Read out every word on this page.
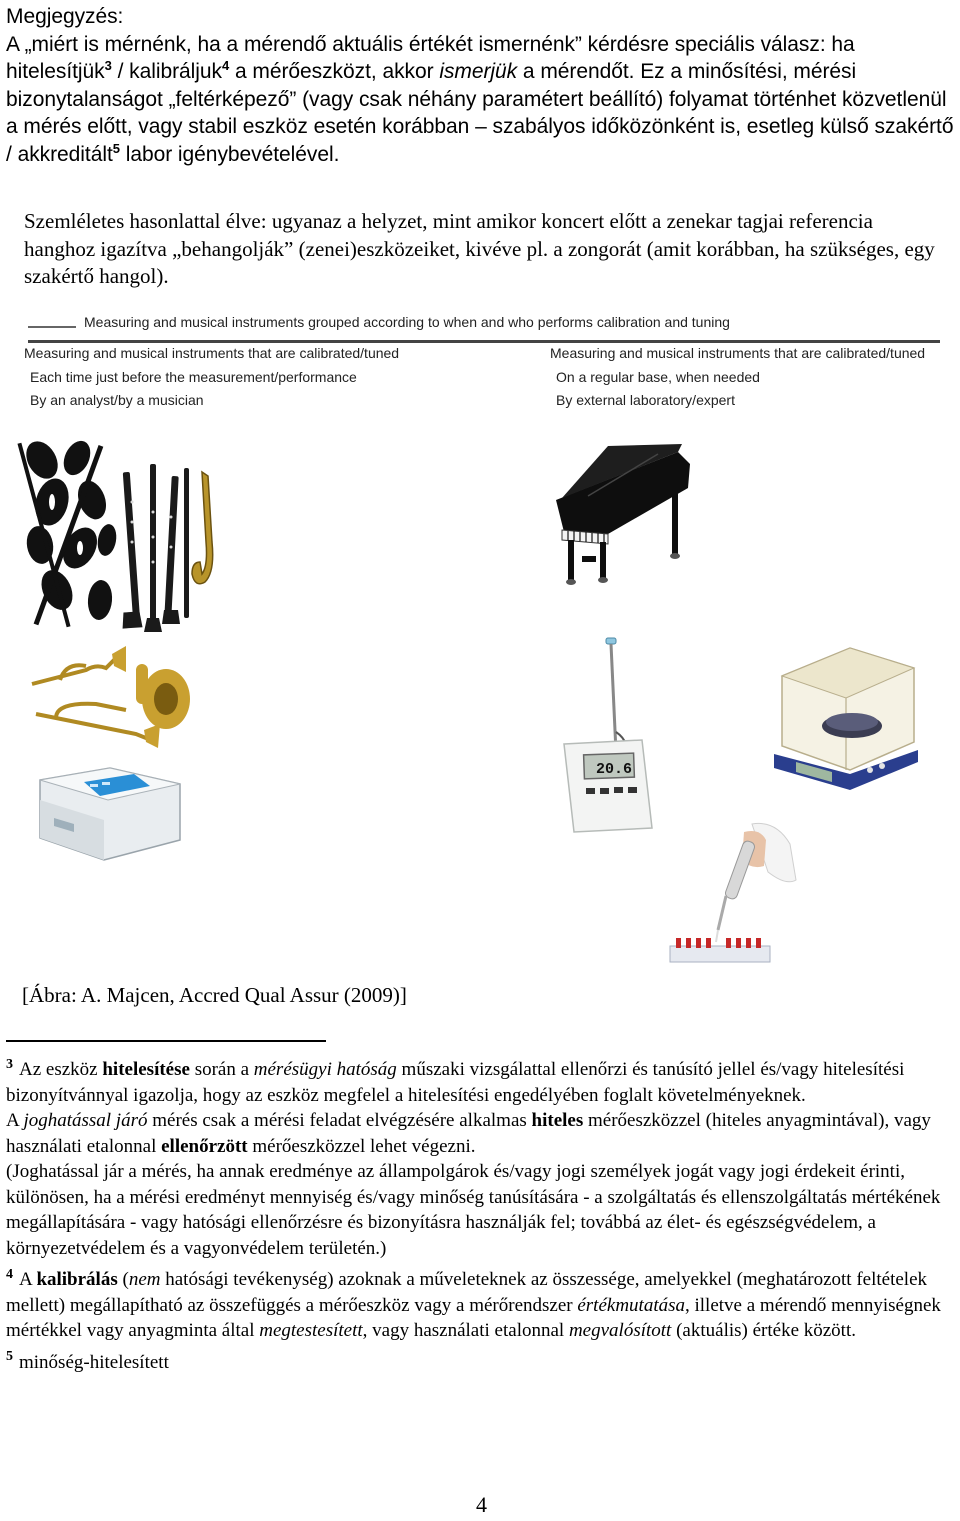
Megjegyzés:

A „miért is mérnénk, ha a mérendő aktuális értékét ismernénk” kérdésre speciális válasz: ha hitelesítjük$^3$ / kalibráljuk$^4$ a mérőeszközt, akkor ismerjük a mérendőt. Ez a minősítési, mérési bizonytalanságot „feltérképező” (vagy csak néhány paramétert beállító) folyamat történhet közvetlenül a mérés előtt, vagy stabil eszköz esetén korábban – szabályos időközönként is, esetleg külső szakértő / akkreditált$^5$ labor igénybevételével.

Szemléletes hasonlattal élve: ugyanaz a helyzet, mint amikor koncert előtt a zenekar tagjai referencia hanghoz igazítva „behangolják” (zenei)eszközeiket, kivéve pl. a zongorát (amit korábban, ha szükséges, egy szakértő hangol).
Measuring and musical instruments grouped according to when and who performs calibration and tuning
Measuring and musical instruments that are calibrated/tuned
Each time just before the measurement/performance
By an analyst/by a musician
Measuring and musical instruments that are calibrated/tuned
On a regular base, when needed
By external laboratory/expert
20.6
[Ábra: A. Majcen, Accred Qual Assur (2009)]

$^3$ Az eszköz hitelesítése során a mérésügyi hatóság műszaki vizsgálattal ellenőrzi és tanúsító jellel és/vagy hitelesítési bizonyítvánnyal igazolja, hogy az eszköz megfelel a hitelesítési engedélyében foglalt követelményeknek.

A joghatással járó mérés csak a mérési feladat elvégzésére alkalmas hiteles mérőeszközzel (hiteles anyagmintával), vagy használati etalonnal ellenőrzött mérőeszközzel lehet végezni.

(Joghatással jár a mérés, ha annak eredménye az állampolgárok és/vagy jogi személyek jogát vagy jogi érdekeit érinti, különösen, ha a mérési eredményt mennyiség és/vagy minőség tanúsítására - a szolgáltatás és ellenszolgáltatás mértékének megállapítására - vagy hatósági ellenőrzésre és bizonyításra használják fel; továbbá az élet- és egészségvédelem, a környezetvédelem és a vagyonvédelem területén.)

$^4$ A kalibrálás (nem hatósági tevékenység) azoknak a műveleteknek az összessége, amelyekkel (meghatározott feltételek mellett) megállapítható az összefüggés a mérőeszköz vagy a mérőrendszer értékmutatása, illetve a mérendő mennyiségnek mértékkel vagy anyagminta által megtestesített, vagy használati etalonnal megvalósított (aktuális) értéke között.

$^5$ minőség-hitelesített

4
